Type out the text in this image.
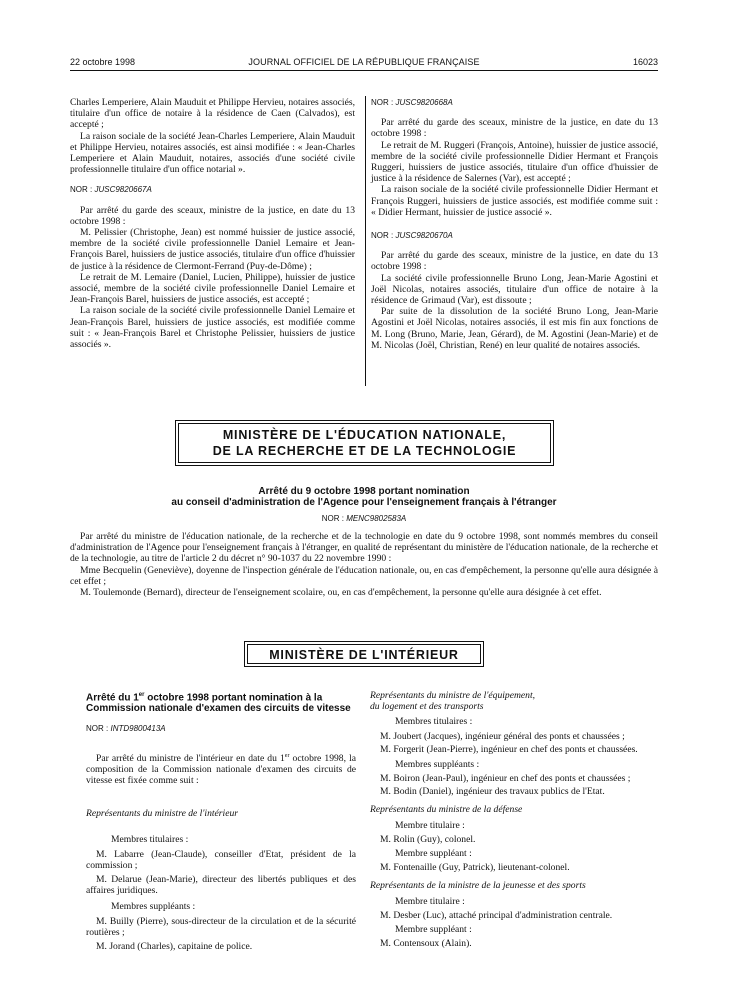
22 octobre 1998	JOURNAL OFFICIEL DE LA RÉPUBLIQUE FRANÇAISE	16023

Charles Lemperiere, Alain Mauduit et Philippe Hervieu, notaires associés, titulaire d'un office de notaire à la résidence de Caen (Calvados), est accepté ;

La raison sociale de la société Jean-Charles Lemperiere, Alain Mauduit et Philippe Hervieu, notaires associés, est ainsi modifiée : « Jean-Charles Lemperiere et Alain Mauduit, notaires, associés d'une société civile professionnelle titulaire d'un office notarial ».

NOR : JUSC9820667A

Par arrêté du garde des sceaux, ministre de la justice, en date du 13 octobre 1998 :

M. Pelissier (Christophe, Jean) est nommé huissier de justice associé, membre de la société civile professionnelle Daniel Lemaire et Jean-François Barel, huissiers de justice associés, titulaire d'un office d'huissier de justice à la résidence de Clermont-Ferrand (Puy-de-Dôme) ;

Le retrait de M. Lemaire (Daniel, Lucien, Philippe), huissier de justice associé, membre de la société civile professionnelle Daniel Lemaire et Jean-François Barel, huissiers de justice associés, est accepté ;

La raison sociale de la société civile professionnelle Daniel Lemaire et Jean-François Barel, huissiers de justice associés, est modifiée comme suit : « Jean-François Barel et Christophe Pelissier, huissiers de justice associés ».

NOR : JUSC9820668A

Par arrêté du garde des sceaux, ministre de la justice, en date du 13 octobre 1998 :

Le retrait de M. Ruggeri (François, Antoine), huissier de justice associé, membre de la société civile professionnelle Didier Hermant et François Ruggeri, huissiers de justice associés, titulaire d'un office d'huissier de justice à la résidence de Salernes (Var), est accepté ;

La raison sociale de la société civile professionnelle Didier Hermant et François Ruggeri, huissiers de justice associés, est modifiée comme suit : « Didier Hermant, huissier de justice associé ».

NOR : JUSC9820670A

Par arrêté du garde des sceaux, ministre de la justice, en date du 13 octobre 1998 :

La société civile professionnelle Bruno Long, Jean-Marie Agostini et Joël Nicolas, notaires associés, titulaire d'un office de notaire à la résidence de Grimaud (Var), est dissoute ;

Par suite de la dissolution de la société Bruno Long, Jean-Marie Agostini et Joël Nicolas, notaires associés, il est mis fin aux fonctions de M. Long (Bruno, Marie, Jean, Gérard), de M. Agostini (Jean-Marie) et de M. Nicolas (Joël, Christian, René) en leur qualité de notaires associés.

MINISTÈRE DE L'ÉDUCATION NATIONALE,
DE LA RECHERCHE ET DE LA TECHNOLOGIE
Arrêté du 9 octobre 1998 portant nomination
au conseil d'administration de l'Agence pour l'enseignement français à l'étranger
NOR : MENC9802583A

Par arrêté du ministre de l'éducation nationale, de la recherche et de la technologie en date du 9 octobre 1998, sont nommés membres du conseil d'administration de l'Agence pour l'enseignement français à l'étranger, en qualité de représentant du ministère de l'éducation nationale, de la recherche et de la technologie, au titre de l'article 2 du décret n° 90-1037 du 22 novembre 1990 :

Mme Becquelin (Geneviève), doyenne de l'inspection générale de l'éducation nationale, ou, en cas d'empêchement, la personne qu'elle aura désignée à cet effet ;

M. Toulemonde (Bernard), directeur de l'enseignement scolaire, ou, en cas d'empêchement, la personne qu'elle aura désignée à cet effet.

MINISTÈRE DE L'INTÉRIEUR

Arrêté du 1er octobre 1998 portant nomination à la Commission nationale d'examen des circuits de vitesse

NOR : INTD9800413A

Par arrêté du ministre de l'intérieur en date du 1er octobre 1998, la composition de la Commission nationale d'examen des circuits de vitesse est fixée comme suit :

Représentants du ministre de l'intérieur

Membres titulaires :

M. Labarre (Jean-Claude), conseiller d'Etat, président de la commission ;

M. Delarue (Jean-Marie), directeur des libertés publiques et des affaires juridiques.

Membres suppléants :

M. Builly (Pierre), sous-directeur de la circulation et de la sécurité routières ;

M. Jorand (Charles), capitaine de police.

Représentants du ministre de l'équipement,

du logement et des transports

Membres titulaires :

M. Joubert (Jacques), ingénieur général des ponts et chaussées ;

M. Forgerit (Jean-Pierre), ingénieur en chef des ponts et chaussées.

Membres suppléants :

M. Boiron (Jean-Paul), ingénieur en chef des ponts et chaussées ;

M. Bodin (Daniel), ingénieur des travaux publics de l'Etat.

Représentants du ministre de la défense

Membre titulaire :

M. Rolin (Guy), colonel.

Membre suppléant :

M. Fontenaille (Guy, Patrick), lieutenant-colonel.

Représentants de la ministre de la jeunesse et des sports

Membre titulaire :

M. Desber (Luc), attaché principal d'administration centrale.

Membre suppléant :

M. Contensoux (Alain).
